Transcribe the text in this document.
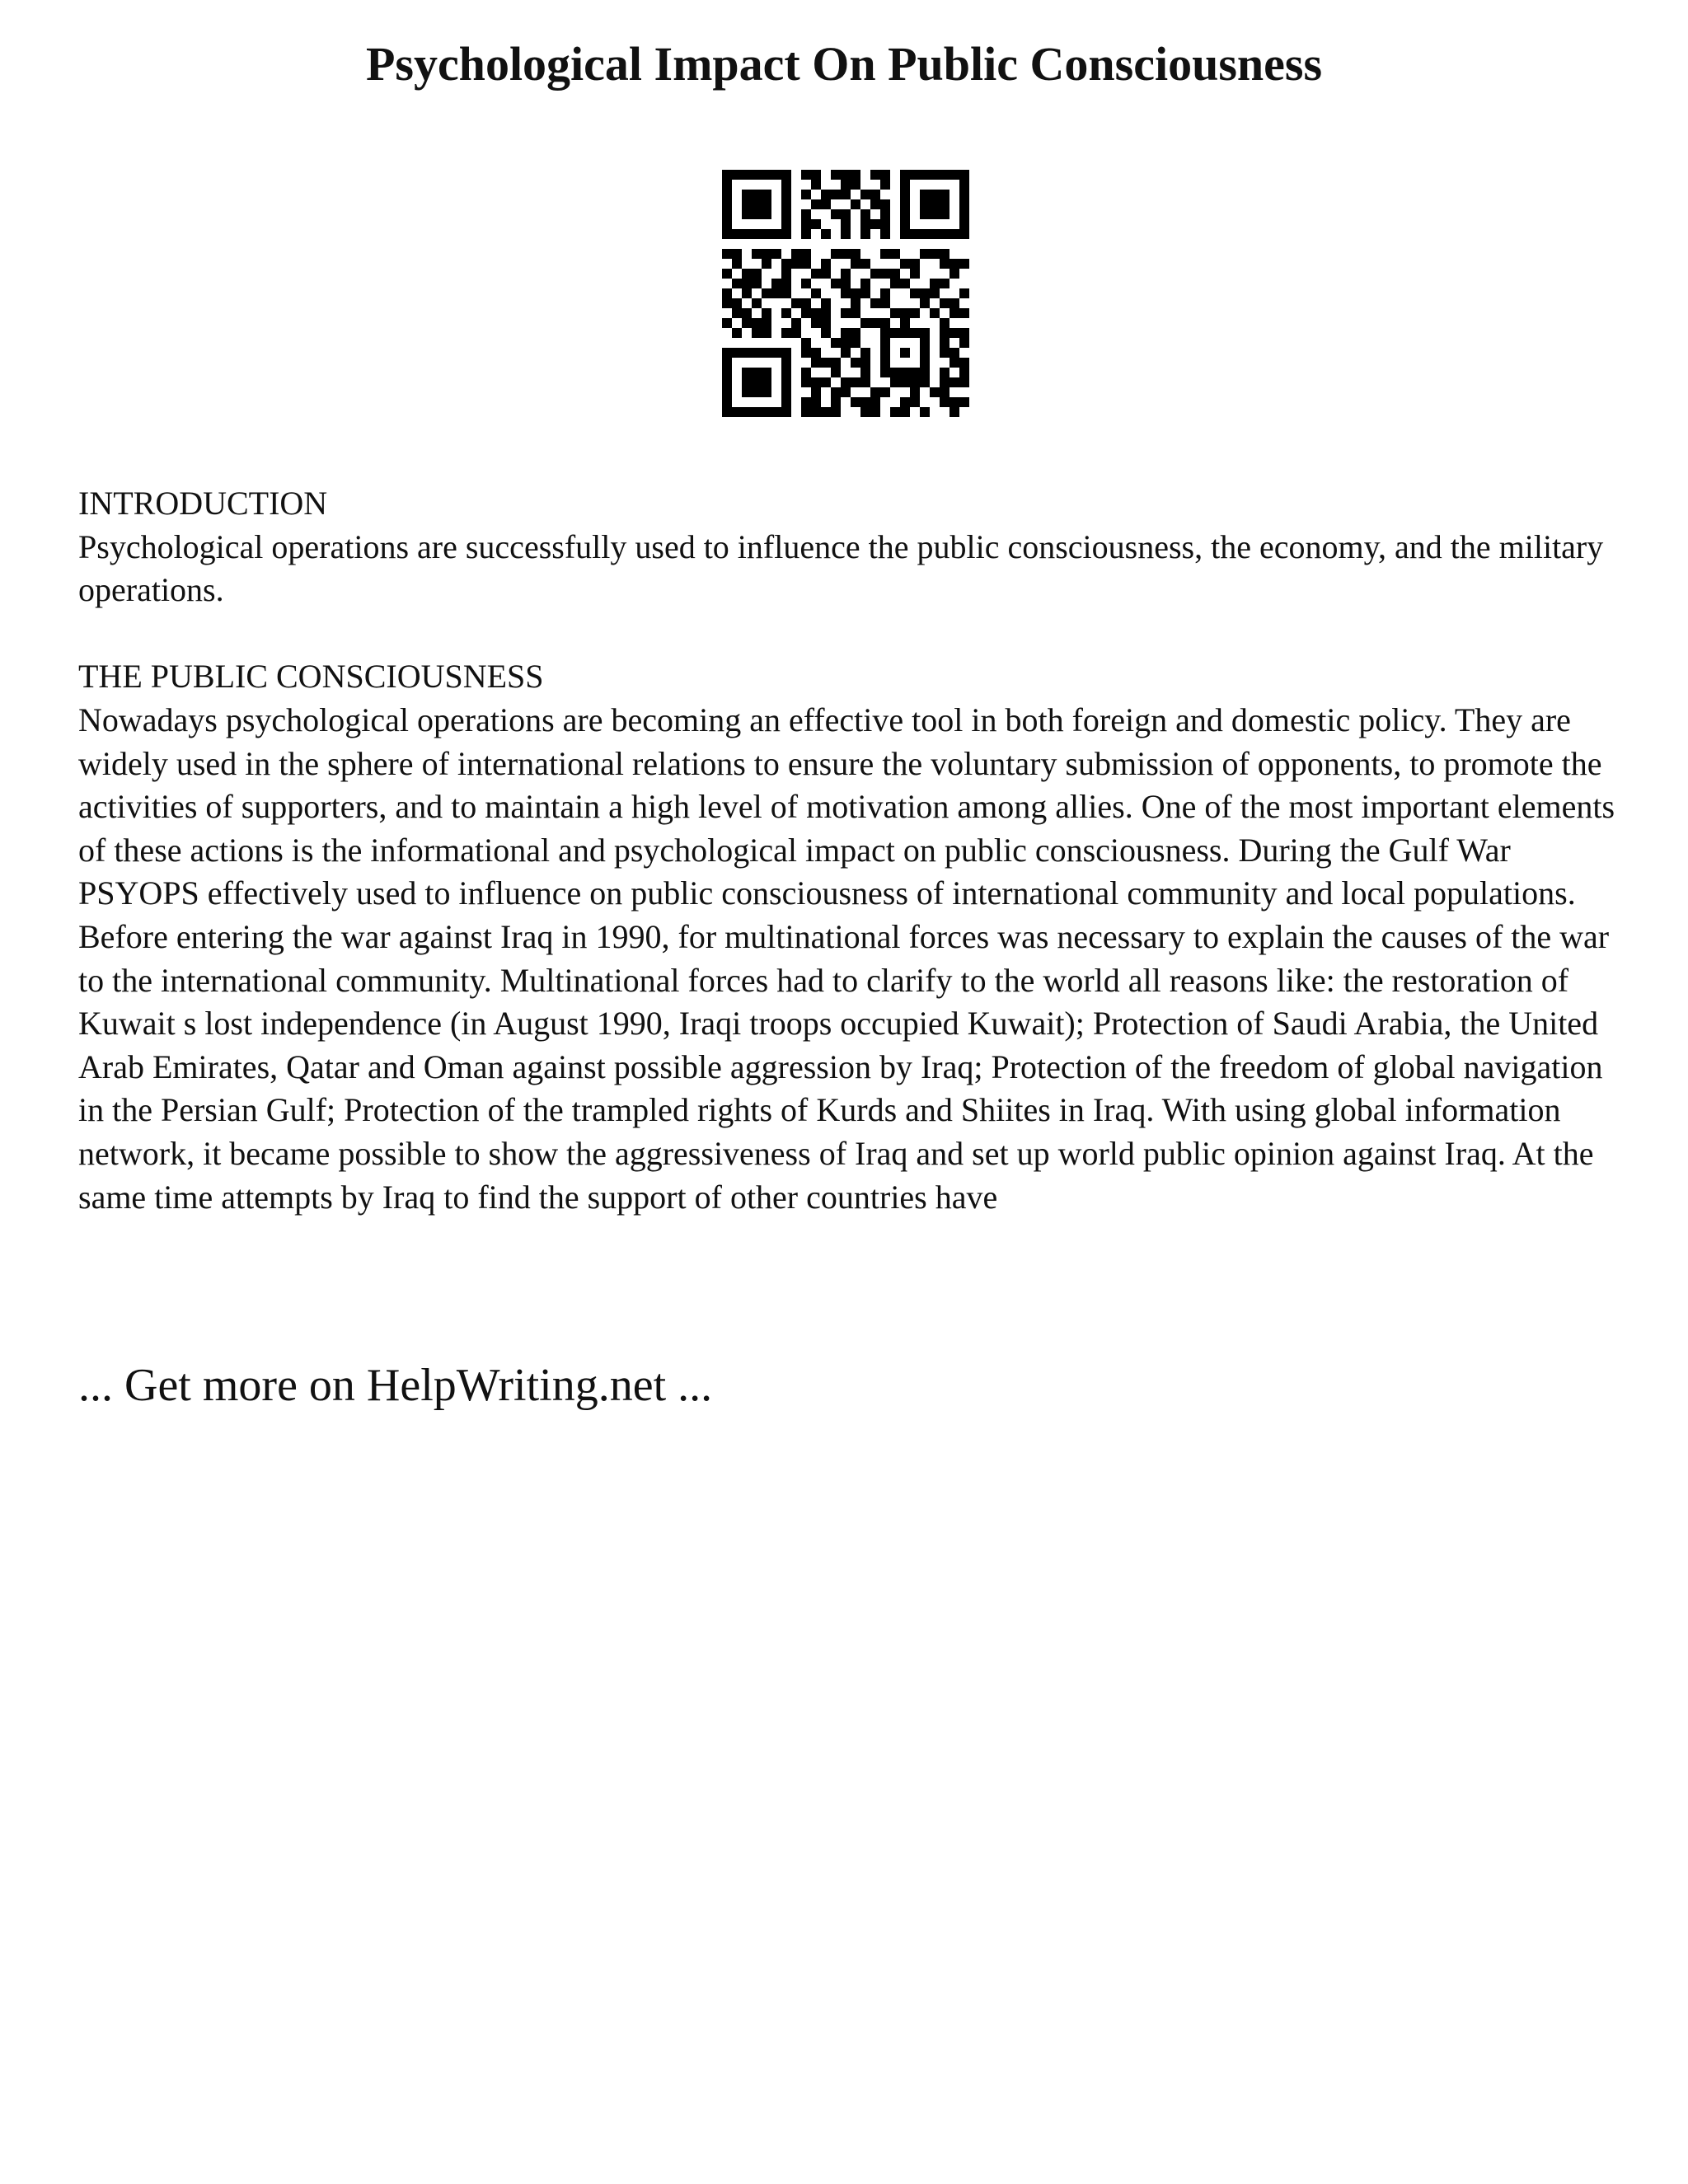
Psychological Impact On Public Consciousness

INTRODUCTION

Psychological operations are successfully used to influence the public consciousness, the economy, and the military operations.

THE PUBLIC CONSCIOUSNESS

Nowadays psychological operations are becoming an effective tool in both foreign and domestic policy. They are widely used in the sphere of international relations to ensure the voluntary submission of opponents, to promote the activities of supporters, and to maintain a high level of motivation among allies. One of the most important elements of these actions is the informational and psychological impact on public consciousness. During the Gulf War PSYOPS effectively used to influence on public consciousness of international community and local populations.

Before entering the war against Iraq in 1990, for multinational forces was necessary to explain the causes of the war to the international community. Multinational forces had to clarify to the world all reasons like: the restoration of Kuwait s lost independence (in August 1990, Iraqi troops occupied Kuwait); Protection of Saudi Arabia, the United Arab Emirates, Qatar and Oman against possible aggression by Iraq; Protection of the freedom of global navigation in the Persian Gulf; Protection of the trampled rights of Kurds and Shiites in Iraq. With using global information network, it became possible to show the aggressiveness of Iraq and set up world public opinion against Iraq. At the same time attempts by Iraq to find the support of other countries have

... Get more on HelpWriting.net ...
